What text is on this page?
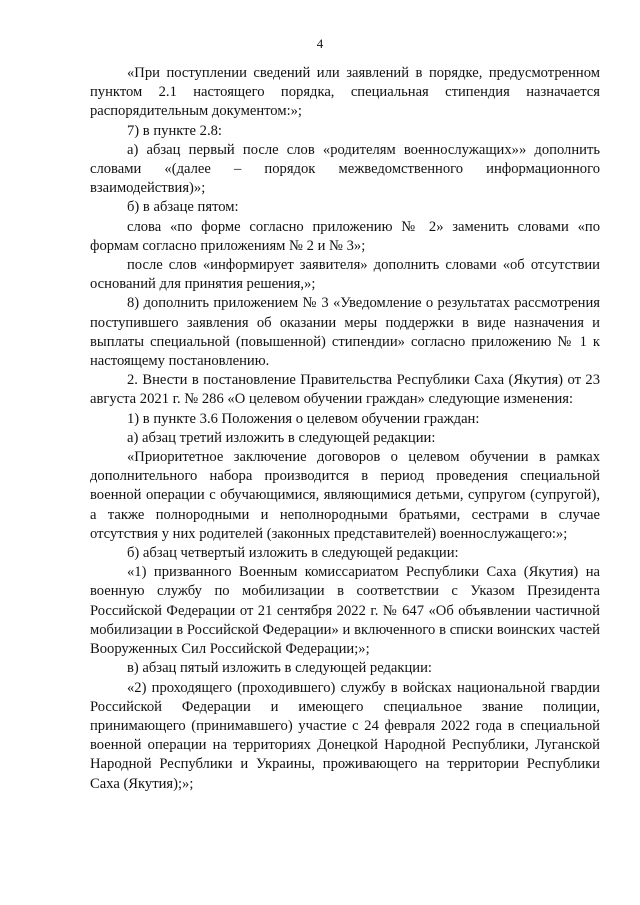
4

«При поступлении сведений или заявлений в порядке, предусмотренном пунктом 2.1 настоящего порядка, специальная стипендия назначается распорядительным документом:»;

7) в пункте 2.8:

а) абзац первый после слов «родителям военнослужащих»» дополнить словами «(далее – порядок межведомственного информационного взаимодействия)»;

б) в абзаце пятом:

слова «по форме согласно приложению № 2» заменить словами «по формам согласно приложениям № 2 и № 3»;

после слов «информирует заявителя» дополнить словами «об отсутствии оснований для принятия решения,»;

8) дополнить приложением № 3 «Уведомление о результатах рассмотрения поступившего заявления об оказании меры поддержки в виде назначения и выплаты специальной (повышенной) стипендии» согласно приложению № 1 к настоящему постановлению.

2. Внести в постановление Правительства Республики Саха (Якутия) от 23 августа 2021 г. № 286 «О целевом обучении граждан» следующие изменения:

1) в пункте 3.6 Положения о целевом обучении граждан:

а) абзац третий изложить в следующей редакции:

«Приоритетное заключение договоров о целевом обучении в рамках дополнительного набора производится в период проведения специальной военной операции с обучающимися, являющимися детьми, супругом (супругой), а также полнородными и неполнородными братьями, сестрами в случае отсутствия у них родителей (законных представителей) военнослужащего:»;

б) абзац четвертый изложить в следующей редакции:

«1) призванного Военным комиссариатом Республики Саха (Якутия) на военную службу по мобилизации в соответствии с Указом Президента Российской Федерации от 21 сентября 2022 г. № 647 «Об объявлении частичной мобилизации в Российской Федерации» и включенного в списки воинских частей Вооруженных Сил Российской Федерации;»;

в) абзац пятый изложить в следующей редакции:

«2) проходящего (проходившего) службу в войсках национальной гвардии Российской Федерации и имеющего специальное звание полиции, принимающего (принимавшего) участие с 24 февраля 2022 года в специальной военной операции на территориях Донецкой Народной Республики, Луганской Народной Республики и Украины, проживающего на территории Республики Саха (Якутия);»;
